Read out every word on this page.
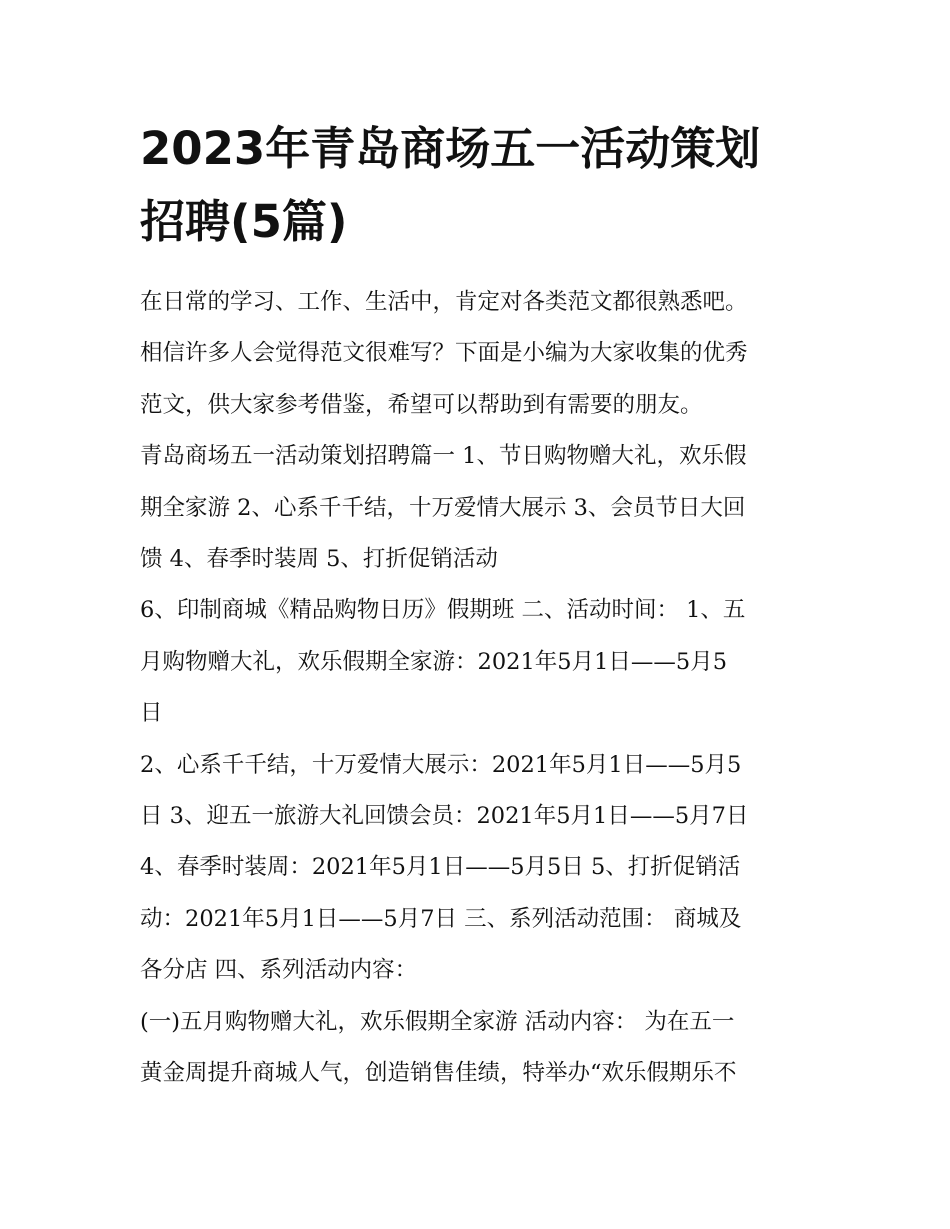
2023年青岛商场五一活动策划
招聘(5篇)

在日常的学习、工作、生活中，肯定对各类范文都很熟悉吧。
相信许多人会觉得范文很难写？下面是小编为大家收集的优秀
范文，供大家参考借鉴，希望可以帮助到有需要的朋友。

青岛商场五一活动策划招聘篇一 1、节日购物赠大礼，欢乐假
期全家游 2、心系千千结，十万爱情大展示 3、会员节日大回
馈 4、春季时装周 5、打折促销活动

6、印制商城《精品购物日历》假期班 二、活动时间： 1、五
月购物赠大礼，欢乐假期全家游：2021年5月1日——5月5
日

2、心系千千结，十万爱情大展示：2021年5月1日——5月5
日 3、迎五一旅游大礼回馈会员：2021年5月1日——5月7日
4、春季时装周：2021年5月1日——5月5日 5、打折促销活
动：2021年5月1日——5月7日 三、系列活动范围： 商城及
各分店 四、系列活动内容：

(一)五月购物赠大礼，欢乐假期全家游 活动内容： 为在五一
黄金周提升商城人气，创造销售佳绩，特举办“欢乐假期乐不
